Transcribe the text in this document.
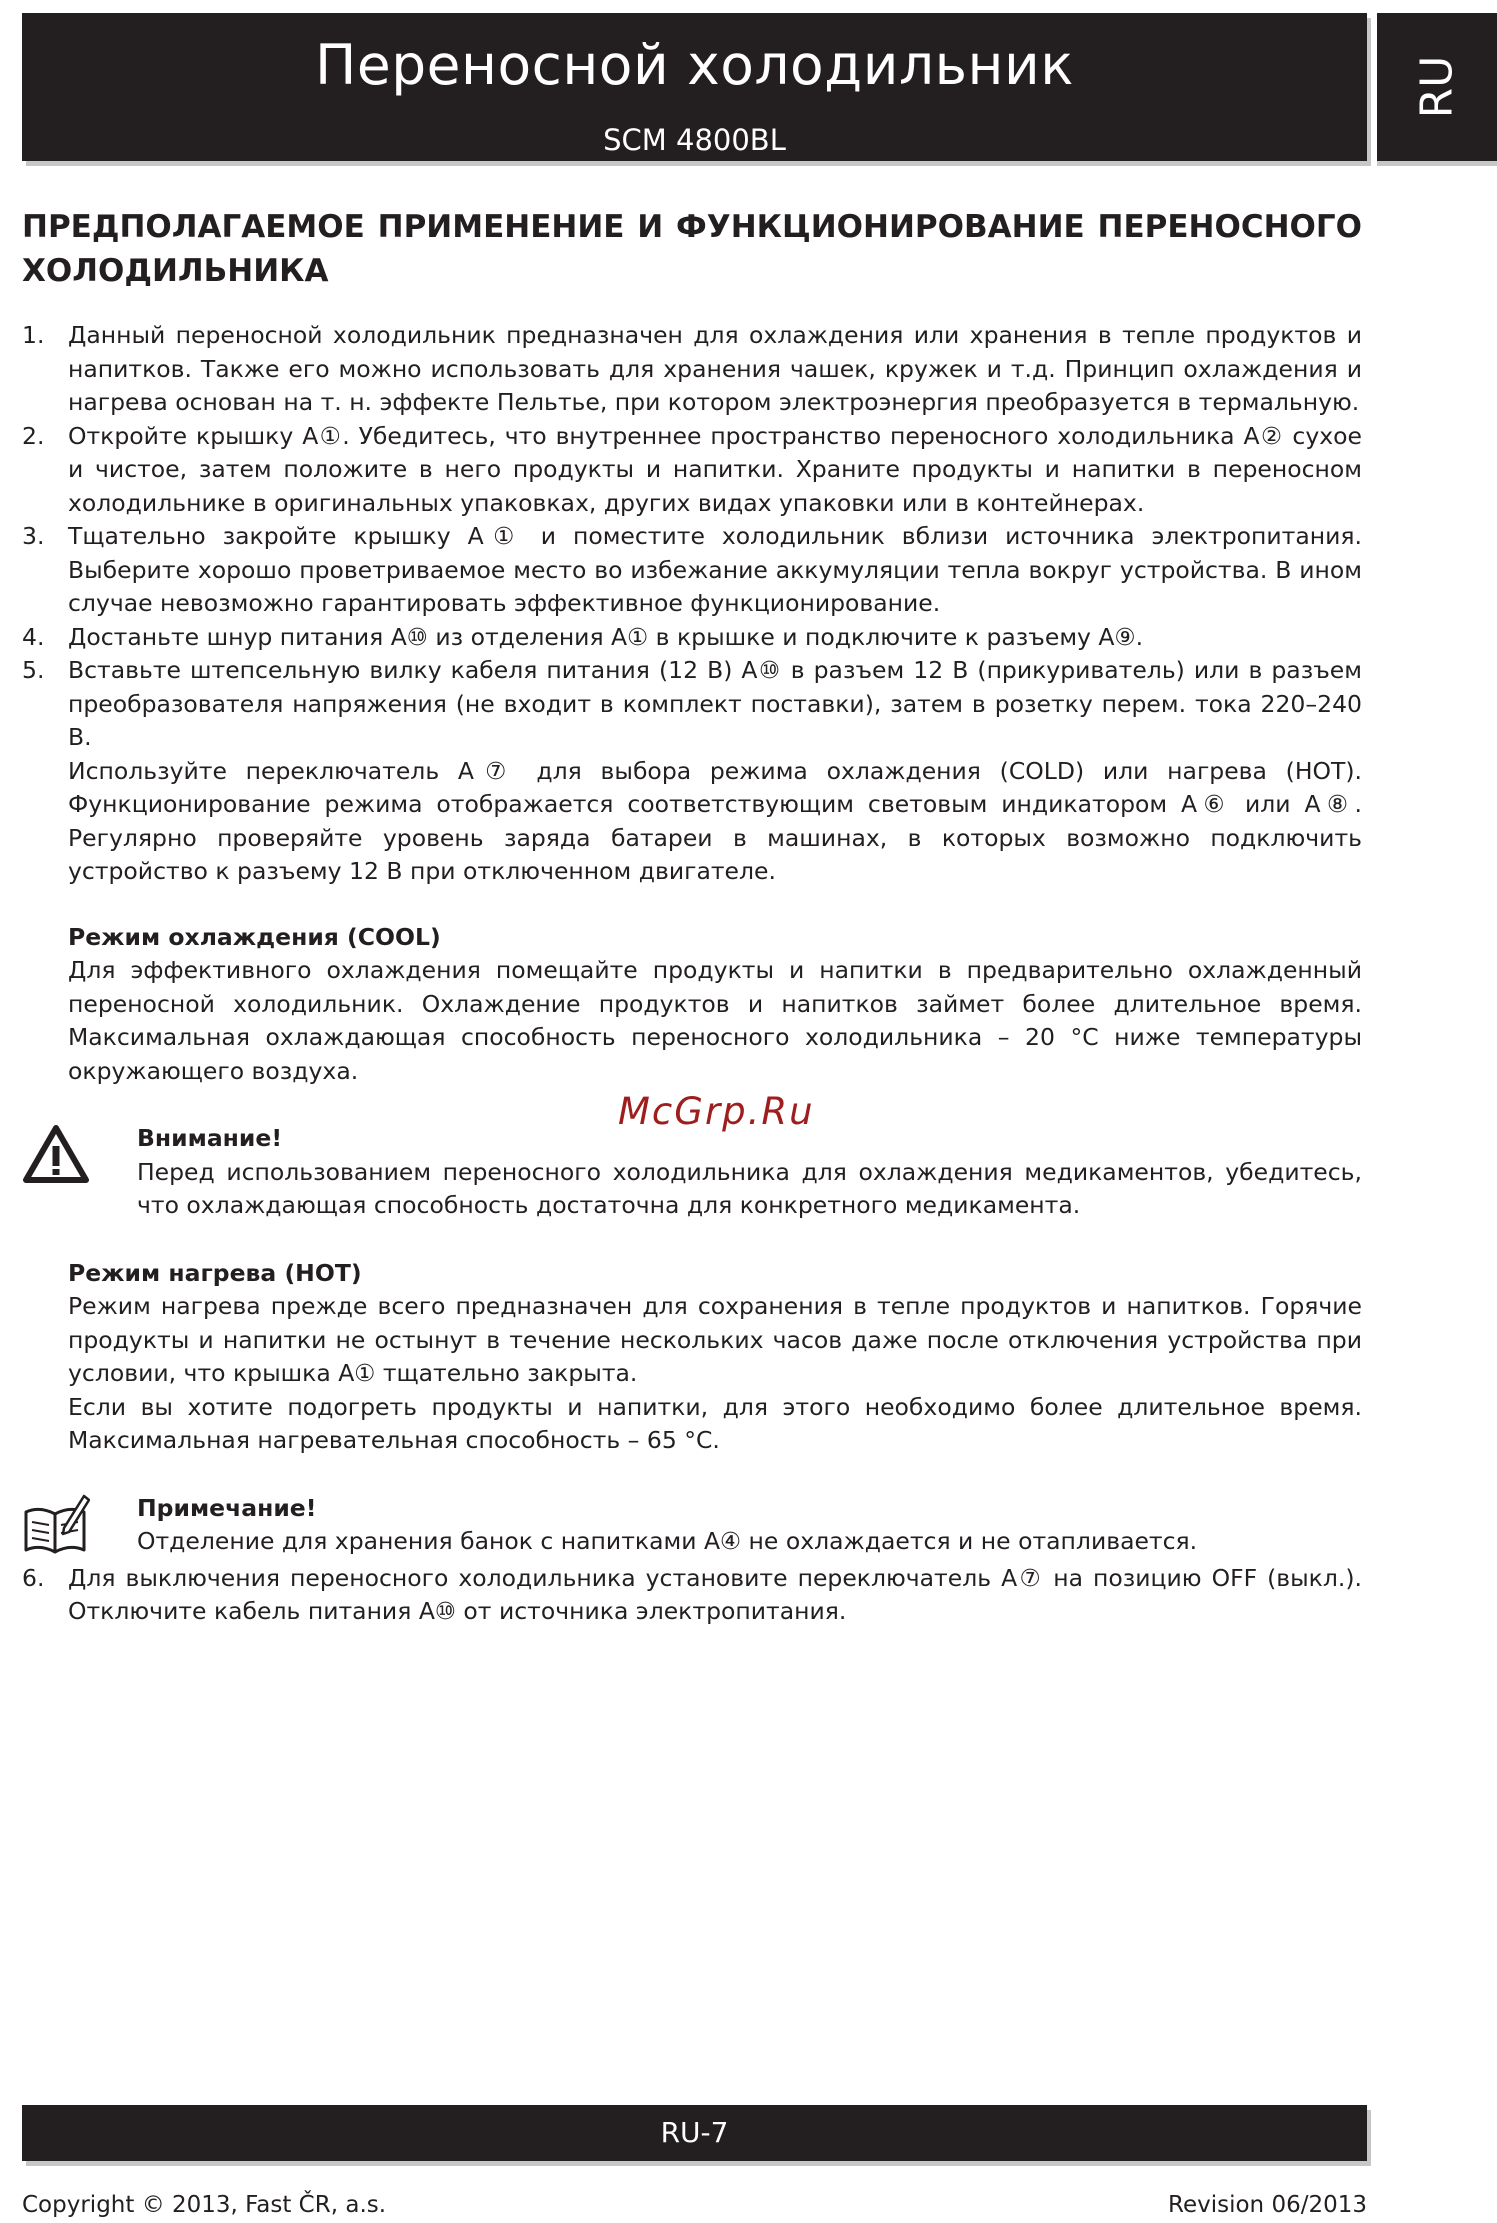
Переносной холодильник
SCM 4800BL
RU
ПРЕДПОЛАГАЕМОЕ ПРИМЕНЕНИЕ И ФУНКЦИОНИРОВАНИЕ ПЕРЕНОСНОГО ХОЛОДИЛЬНИКА
1. Данный переносной холодильник предназначен для охлаждения или хранения в тепле продуктов и напитков. Также его можно использовать для хранения чашек, кружек и т.д. Принцип охлаждения и нагрева основан на т. н. эффекте Пельтье, при котором электроэнергия преобразуется в термальную.
2. Откройте крышку A①. Убедитесь, что внутреннее пространство переносного холодильника A② сухое и чистое, затем положите в него продукты и напитки. Храните продукты и напитки в переносном холодильнике в оригинальных упаковках, других видах упаковки или в контейнерах.
3. Тщательно закройте крышку A① и поместите холодильник вблизи источника электропитания. Выберите хорошо проветриваемое место во избежание аккумуляции тепла вокруг устройства. В ином случае невозможно гарантировать эффективное функционирование.
4. Достаньте шнур питания A⑩ из отделения A① в крышке и подключите к разъему A⑨.
5. Вставьте штепсельную вилку кабеля питания (12 В) A⑩ в разъем 12 В (прикуриватель) или в разъем преобразователя напряжения (не входит в комплект поставки), затем в розетку перем. тока 220–240 В.
Используйте переключатель A⑦ для выбора режима охлаждения (COLD) или нагрева (HOT). Функционирование режима отображается соответствующим световым индикатором A⑥ или A⑧. Регулярно проверяйте уровень заряда батареи в машинах, в которых возможно подключить устройство к разъему 12 В при отключенном двигателе.
Режим охлаждения (COOL)
Для эффективного охлаждения помещайте продукты и напитки в предварительно охлажденный переносной холодильник. Охлаждение продуктов и напитков займет более длительное время. Максимальная охлаждающая способность переносного холодильника – 20 °C ниже температуры окружающего воздуха.
Внимание!
Перед использованием переносного холодильника для охлаждения медикаментов, убедитесь, что охлаждающая способность достаточна для конкретного медикамента.
Режим нагрева (HOT)
Режим нагрева прежде всего предназначен для сохранения в тепле продуктов и напитков. Горячие продукты и напитки не остынут в течение нескольких часов даже после отключения устройства при условии, что крышка A① тщательно закрыта.
Если вы хотите подогреть продукты и напитки, для этого необходимо более длительное время. Максимальная нагревательная способность – 65 °C.
Примечание!
Отделение для хранения банок с напитками A④ не охлаждается и не отапливается.
6. Для выключения переносного холодильника установите переключатель A⑦ на позицию OFF (выкл.). Отключите кабель питания A⑩ от источника электропитания.
McGrp.Ru
RU-7
Copyright © 2013, Fast ČR, a.s.	Revision 06/2013
